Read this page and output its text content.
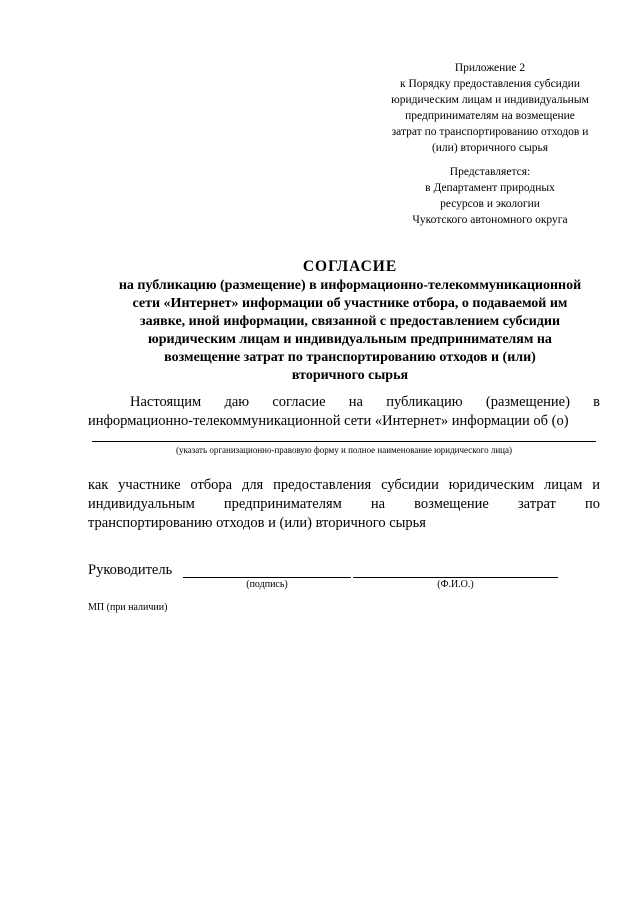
Приложение 2
к Порядку предоставления субсидии
юридическим лицам и индивидуальным
предпринимателям на возмещение
затрат по транспортированию отходов и
(или) вторичного сырья
Представляется:
в Департамент природных
ресурсов и экологии
Чукотского автономного округа
СОГЛАСИЕ
на публикацию (размещение) в информационно-телекоммуникационной
сети «Интернет» информации об участнике отбора, о подаваемой им
заявке, иной информации, связанной с предоставлением субсидии
юридическим лицам и индивидуальным предпринимателям на
возмещение затрат по транспортированию отходов и (или)
вторичного сырья
Настоящим даю согласие на публикацию (размещение) в
информационно-телекоммуникационной сети «Интернет» информации об (о)
(указать организационно-правовую форму и полное наименование юридического лица)
как участнике отбора для предоставления субсидии юридическим лицам и
индивидуальным предпринимателям на возмещение затрат по
транспортированию отходов и (или) вторичного сырья
Руководитель
(подпись)	(Ф.И.О.)
МП (при наличии)
